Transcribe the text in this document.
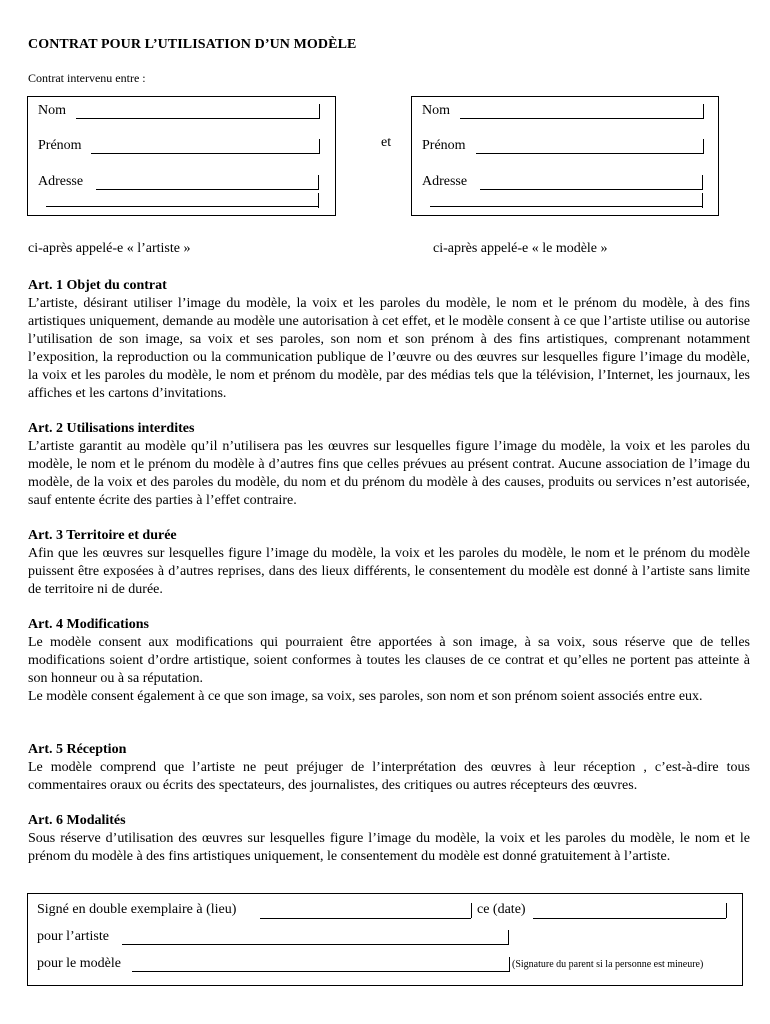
CONTRAT POUR L’UTILISATION D’UN MODÈLE
Contrat intervenu entre :
Nom
Prénom
Adresse
et
Nom
Prénom
Adresse
ci-après appelé-e « l’artiste »	ci-après appelé-e « le modèle »
Art. 1 Objet du contrat

L’artiste, désirant utiliser l’image du modèle, la voix et les paroles du modèle, le nom et le prénom du modèle, à des fins artistiques uniquement, demande au modèle une autorisation à cet effet, et le modèle consent à ce que l’artiste utilise ou autorise l’utilisation de son image, sa voix et ses paroles, son nom et son prénom à des fins artistiques, comprenant notamment l’exposition, la reproduction ou la communication publique de l’œuvre ou des œuvres sur lesquelles figure l’image du modèle, la voix et les paroles du modèle, le nom et prénom du modèle, par des médias tels que la télévision, l’Internet, les journaux, les affiches et les cartons d’invitations.

Art. 2 Utilisations interdites

L’artiste garantit au modèle qu’il n’utilisera pas les œuvres sur lesquelles figure l’image du modèle, la voix et les paroles du modèle, le nom et le prénom du modèle à d’autres fins que celles prévues au présent contrat. Aucune association de l’image du modèle, de la voix et des paroles du modèle, du nom et du prénom du modèle à des causes, produits ou services n’est autorisée, sauf entente écrite des parties à l’effet contraire.

Art. 3 Territoire et durée

Afin que les œuvres sur lesquelles figure l’image du modèle, la voix et les paroles du modèle, le nom et le prénom du modèle puissent être exposées à d’autres reprises, dans des lieux différents, le consentement du modèle est donné à l’artiste sans limite de territoire ni de durée.

Art. 4 Modifications

Le modèle consent aux modifications qui pourraient être apportées à son image, à sa voix, sous réserve que de telles modifications soient d’ordre artistique, soient conformes à toutes les clauses de ce contrat et qu’elles ne portent pas atteinte à son honneur ou à sa réputation.

Le modèle consent également à ce que son image, sa voix, ses paroles, son nom et son prénom soient associés entre eux.

Art. 5 Réception

Le modèle comprend que l’artiste ne peut préjuger de l’interprétation des œuvres à leur réception , c’est-à-dire tous commentaires oraux ou écrits des spectateurs, des journalistes, des critiques ou autres récepteurs des œuvres.

Art. 6 Modalités

Sous réserve d’utilisation des œuvres sur lesquelles figure l’image du modèle, la voix et les paroles du modèle, le nom et le prénom du modèle à des fins artistiques uniquement, le consentement du modèle est donné gratuitement à l’artiste.

Signé en double exemplaire à (lieu)	ce (date)
pour l’artiste
pour le modèle	(Signature du parent si la personne est mineure)
